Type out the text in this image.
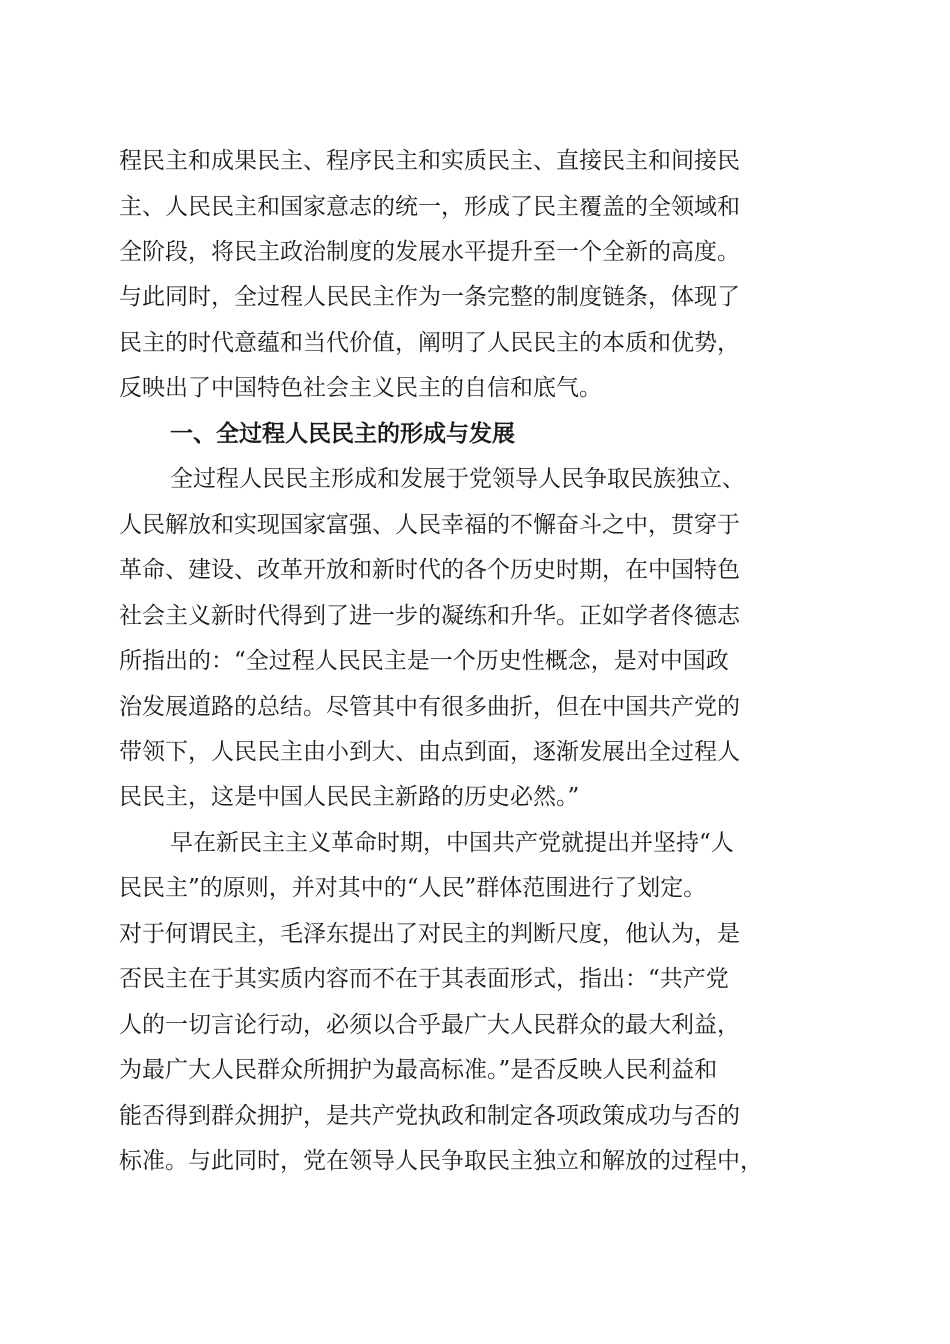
程民主和成果民主、程序民主和实质民主、直接民主和间接民
主、人民民主和国家意志的统一，形成了民主覆盖的全领域和
全阶段，将民主政治制度的发展水平提升至一个全新的高度。
与此同时，全过程人民民主作为一条完整的制度链条，体现了
民主的时代意蕴和当代价值，阐明了人民民主的本质和优势，
反映出了中国特色社会主义民主的自信和底气。
一、全过程人民民主的形成与发展
全过程人民民主形成和发展于党领导人民争取民族独立、
人民解放和实现国家富强、人民幸福的不懈奋斗之中，贯穿于
革命、建设、改革开放和新时代的各个历史时期，在中国特色
社会主义新时代得到了进一步的凝练和升华。正如学者佟德志
所指出的：“全过程人民民主是一个历史性概念，是对中国政
治发展道路的总结。尽管其中有很多曲折，但在中国共产党的
带领下，人民民主由小到大、由点到面，逐渐发展出全过程人
民民主，这是中国人民民主新路的历史必然。”
早在新民主主义革命时期，中国共产党就提出并坚持“人
民民主”的原则，并对其中的“人民”群体范围进行了划定。
对于何谓民主，毛泽东提出了对民主的判断尺度，他认为，是
否民主在于其实质内容而不在于其表面形式，指出：“共产党
人的一切言论行动，必须以合乎最广大人民群众的最大利益，
为最广大人民群众所拥护为最高标准。”是否反映人民利益和
能否得到群众拥护，是共产党执政和制定各项政策成功与否的
标准。与此同时，党在领导人民争取民主独立和解放的过程中，
